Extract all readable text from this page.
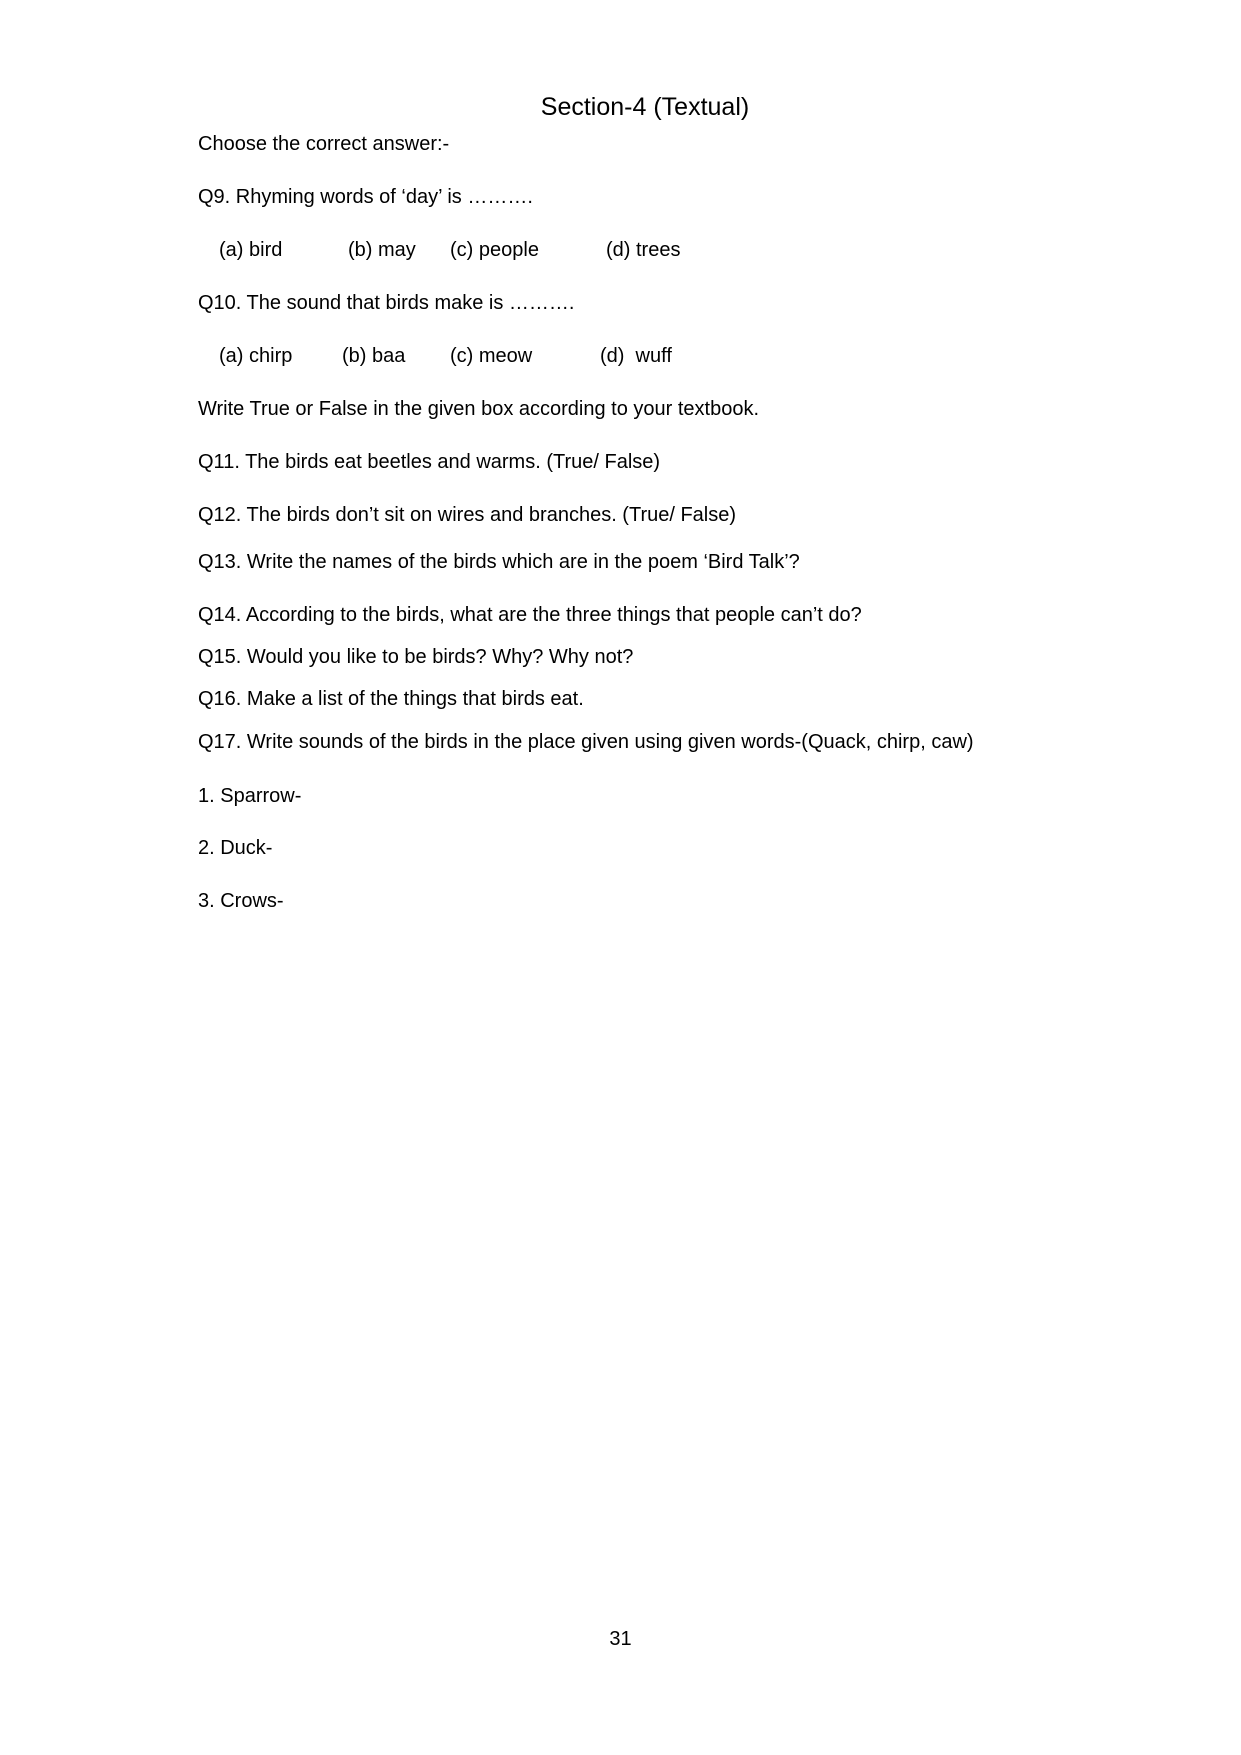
Section-4 (Textual)
Choose the correct answer:-
Q9. Rhyming words of ‘day’ is ……….
(a) bird	(b) may (c) people	(d) trees
Q10. The sound that birds make is ……….
(a) chirp (b) baa (c) meow	(d)  wuff
Write True or False in the given box according to your textbook.
Q11. The birds eat beetles and warms. (True/ False)
Q12. The birds don’t sit on wires and branches. (True/ False)
Q13. Write the names of the birds which are in the poem ‘Bird Talk’?
Q14. According to the birds, what are the three things that people can’t do?
Q15. Would you like to be birds? Why? Why not?
Q16. Make a list of the things that birds eat.
Q17. Write sounds of the birds in the place given using given words-(Quack, chirp, caw)
1. Sparrow-
2. Duck-
3. Crows-
31
